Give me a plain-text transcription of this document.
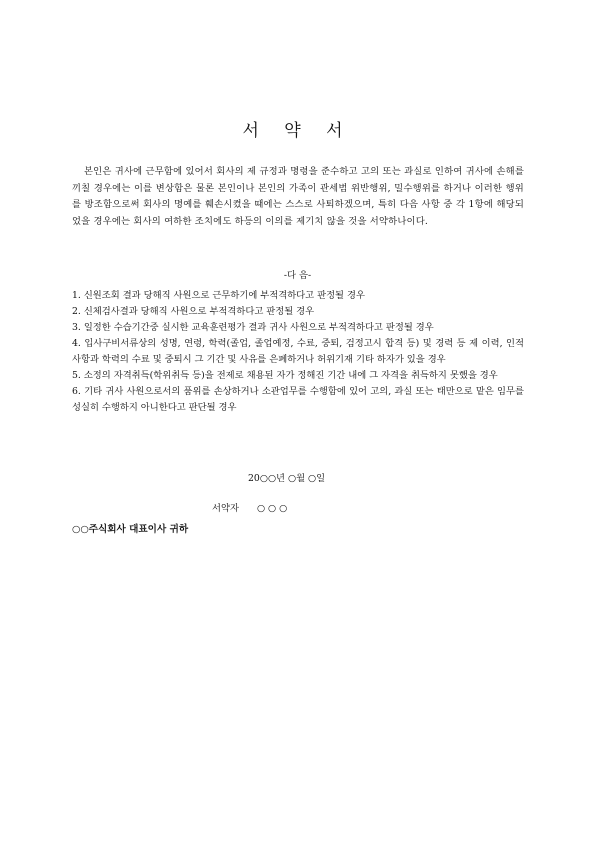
서 약 서
본인은 귀사에 근무함에 있어서 회사의 제 규정과 명령을 준수하고 고의 또는 과실로 인하여 귀사에 손해를 끼칠 경우에는 이를 변상함은 물론 본인이나 본인의 가족이 관세범 위반행위, 밀수행위를 하거나 이러한 행위를 방조함으로써 회사의 명예를 훼손시켰을 때에는 스스로 사퇴하겠으며, 특히 다음 사항 중 각 1항에 해당되었을 경우에는 회사의 여하한 조치에도 하등의 이의를 제기치 않을 것을 서약하나이다.
-다 음-
1. 신원조회 결과 당해직 사원으로 근무하기에 부적격하다고 판정될 경우
2. 신체검사결과 당해직 사원으로 부적격하다고 판정될 경우
3. 일정한 수습기간중 실시한 교육훈련평가 결과 귀사 사원으로 부적격하다고 판정될 경우
4. 입사구비서류상의 성명, 연령, 학력(졸업, 졸업예정, 수료, 중퇴, 검정고시 합격 등) 및 경력 등 제 이력, 인적사항과 학력의 수료 및 중퇴시 그 기간 및 사유를 은폐하거나 허위기재 기타 하자가 있을 경우
5. 소정의 자격취득(학위취득 등)을 전제로 채용된 자가 정해진 기간 내에 그 자격을 취득하지 못했을 경우
6. 기타 귀사 사원으로서의 품위를 손상하거나 소관업무를 수행함에 있어 고의, 과실 또는 태만으로 맡은 임무를 성실히 수행하지 아니한다고 판단될 경우
20○○년 ○월 ○일
서약자 ○ ○ ○
○○주식회사 대표이사 귀하
